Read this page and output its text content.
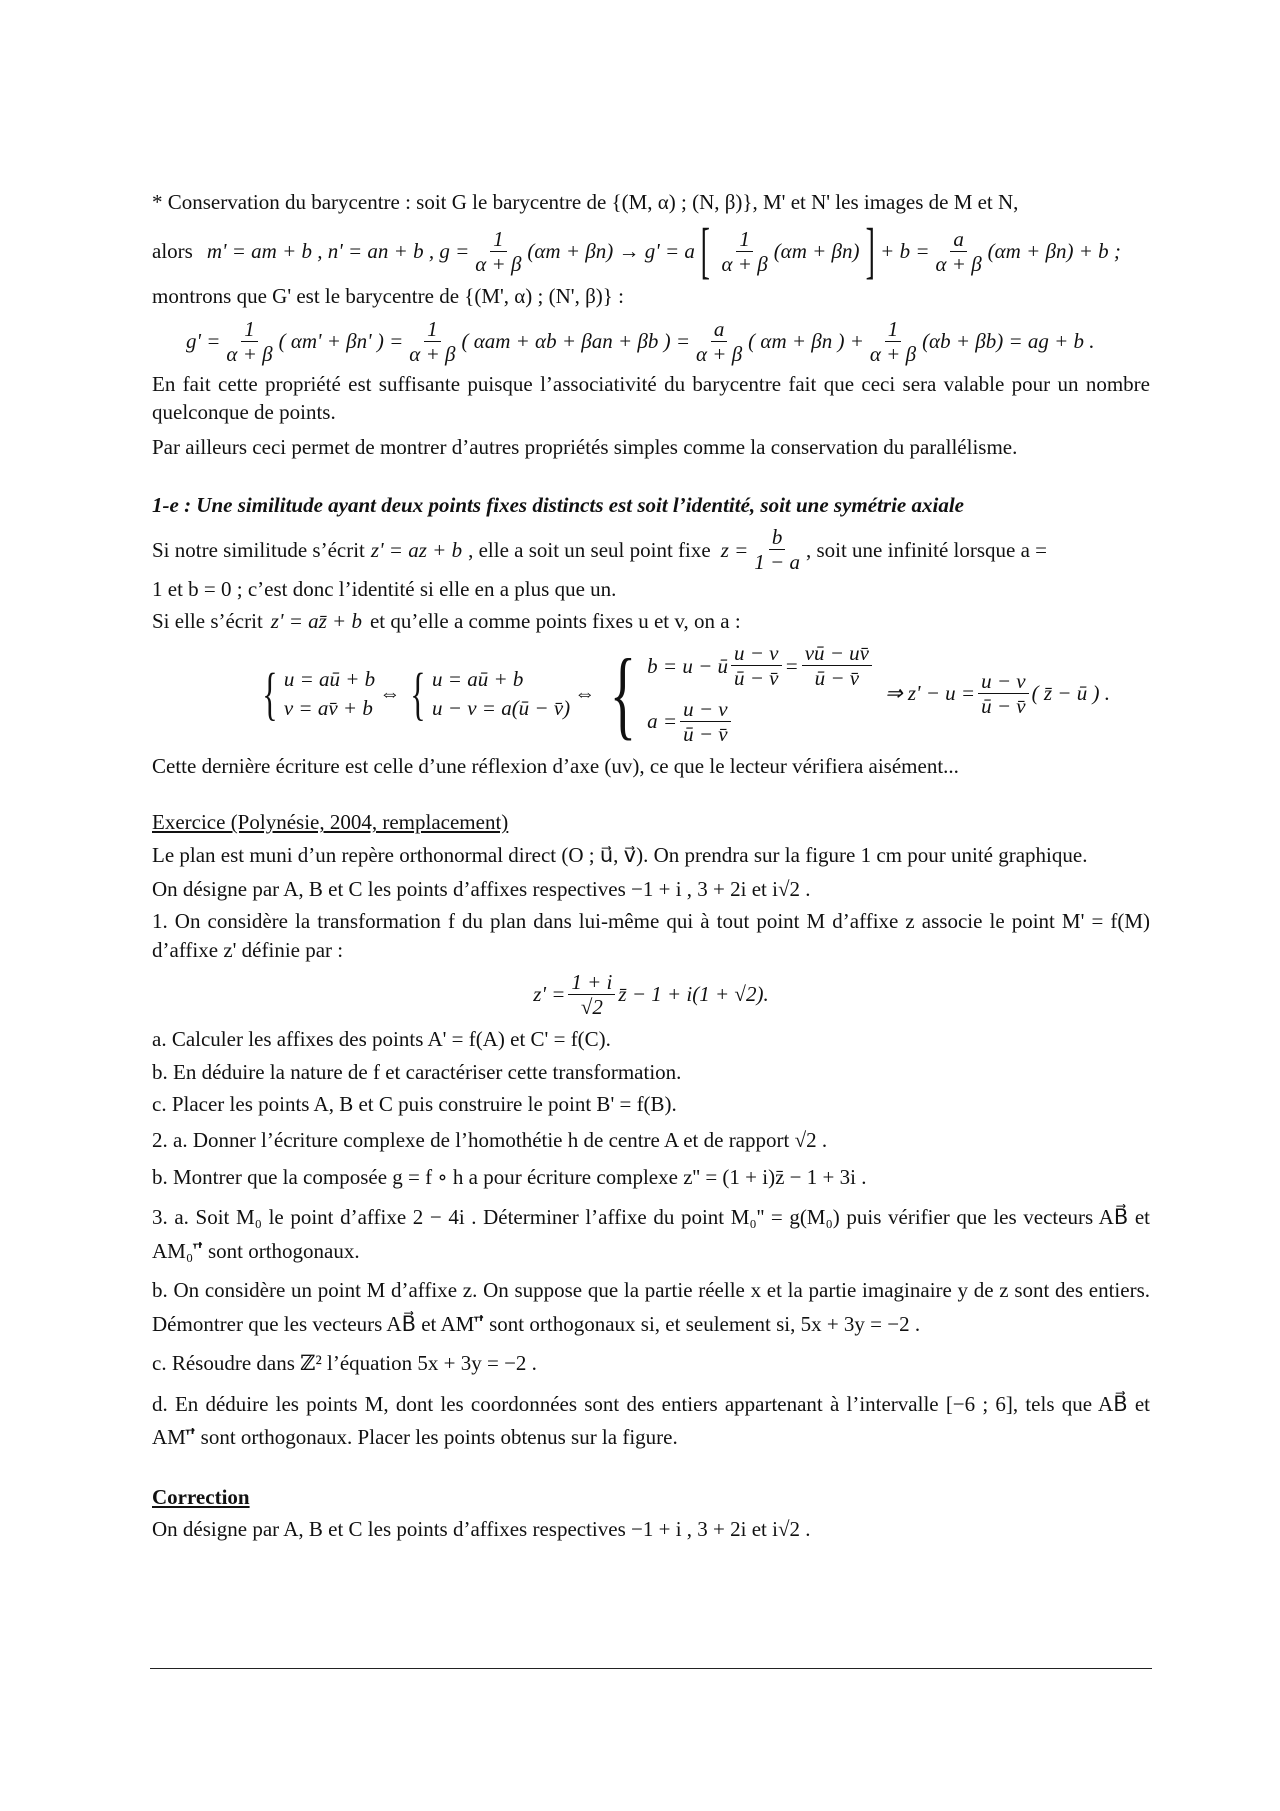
* Conservation du barycentre : soit G le barycentre de {(M, α) ; (N, β)}, M' et N' les images de M et N,

alors m' = am + b , n' = an + b , $g = \frac{1}{\alpha + \beta} (\alpha m + \beta n) \to g' = a$ [ $\frac{1}{\alpha + \beta} (\alpha m + \beta n)$ ] + $b = \frac{a}{\alpha + \beta} (\alpha m + \beta n) + b$ ;

montrons que G' est le barycentre de {(M', α) ; (N', β)} :

$g' = \frac{1}{\alpha + \beta}$ ( αm' + βn' ) = $\frac{1}{\alpha + \beta}$ ( αam + αb + βan + βb ) = $\frac{a}{\alpha + \beta}$ ( αm + βn ) + $\frac{1}{\alpha + \beta} (\alpha b + \beta b)$ = ag + b .

En fait cette propriété est suffisante puisque l’associativité du barycentre fait que ceci sera valable pour un nombre quelconque de points.

Par ailleurs ceci permet de montrer d’autres propriétés simples comme la conservation du parallélisme.

1-e : Une similitude ayant deux points fixes distincts est soit l’identité, soit une symétrie axiale

Si notre similitude s’écrit z' = az + b , elle a soit un seul point fixe $z = \frac{b}{1 - a}$ , soit une infinité lorsque a =

1 et b = 0 ; c’est donc l’identité si elle en a plus que un.

Si elle s’écrit z' = az̄ + b et qu’elle a comme points fixes u et v, on a :
{ u = aū + b
v = av̄ + b
⇔ { u = aū + b
u − v = a(ū − v̄)
⇔ { b = u − ū $\frac{u - v}{ū - v̄} = \frac{vū - uv̄}{ū - v̄}$
$a = \frac{u - v}{ū - v̄}$
⇒ $z' - u = \frac{u - v}{ū - v̄}$ ( z̄ − ū ) .

Cette dernière écriture est celle d’une réflexion d’axe (uv), ce que le lecteur vérifiera aisément...

Exercice (Polynésie, 2004, remplacement)

Le plan est muni d’un repère orthonormal direct (O ; u⃗, v⃗). On prendra sur la figure 1 cm pour unité graphique.

On désigne par A, B et C les points d’affixes respectives −1 + i , 3 + 2i et i√2 .

1. On considère la transformation f du plan dans lui-même qui à tout point M d’affixe z associe le point M' = f(M) d’affixe z' définie par :

$z' = \frac{1 + i}{√2}$ z̄ − 1 + i(1 + √2).

a. Calculer les affixes des points A' = f(A) et C' = f(C).

b. En déduire la nature de f et caractériser cette transformation.

c. Placer les points A, B et C puis construire le point B' = f(B).

2. a. Donner l’écriture complexe de l’homothétie h de centre A et de rapport √2 .

b. Montrer que la composée g = f ∘ h a pour écriture complexe z'' = (1 + i)z̄ − 1 + 3i .

3. a. Soit M₀ le point d’affixe 2 − 4i . Déterminer l’affixe du point M₀'' = g(M₀) puis vérifier que les vecteurs AB⃗ et AM₀''⃗ sont orthogonaux.

b. On considère un point M d’affixe z. On suppose que la partie réelle x et la partie imaginaire y de z sont des entiers. Démontrer que les vecteurs AB⃗ et AM''⃗ sont orthogonaux si, et seulement si, 5x + 3y = −2 .

c. Résoudre dans ℤ² l’équation 5x + 3y = −2 .

d. En déduire les points M, dont les coordonnées sont des entiers appartenant à l’intervalle [−6 ; 6], tels que AB⃗ et AM''⃗ sont orthogonaux. Placer les points obtenus sur la figure.

Correction

On désigne par A, B et C les points d’affixes respectives −1 + i , 3 + 2i et i√2 .
